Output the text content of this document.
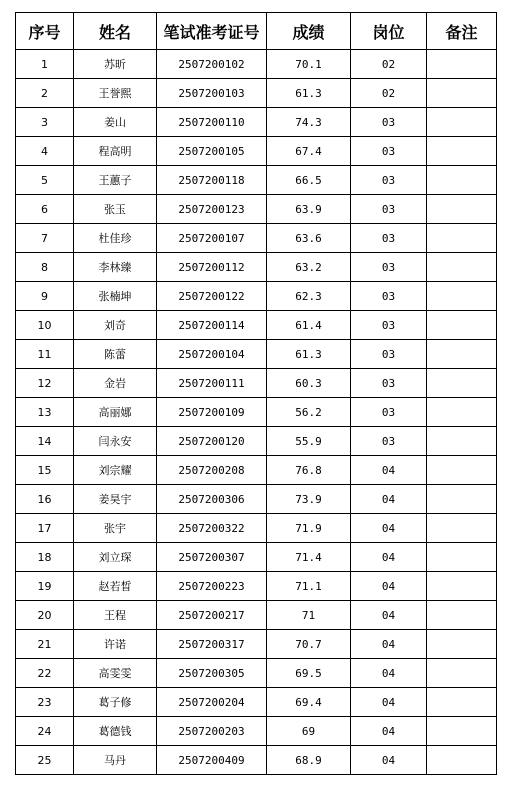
序号	姓名	笔试准考证号	成绩	岗位	备注
1	苏昕	2507200102	70.1	02	
2	王誉熙	2507200103	61.3	02	
3	姜山	2507200110	74.3	03	
4	程高明	2507200105	67.4	03	
5	王蕙子	2507200118	66.5	03	
6	张玉	2507200123	63.9	03	
7	杜佳珍	2507200107	63.6	03	
8	李林臻	2507200112	63.2	03	
9	张楠坤	2507200122	62.3	03	
10	刘奇	2507200114	61.4	03	
11	陈蕾	2507200104	61.3	03	
12	金岩	2507200111	60.3	03	
13	高丽娜	2507200109	56.2	03	
14	闫永安	2507200120	55.9	03	
15	刘宗耀	2507200208	76.8	04	
16	姜昊宇	2507200306	73.9	04	
17	张宇	2507200322	71.9	04	
18	刘立琛	2507200307	71.4	04	
19	赵若晳	2507200223	71.1	04	
20	王程	2507200217	71	04	
21	许诺	2507200317	70.7	04	
22	高雯雯	2507200305	69.5	04	
23	葛子修	2507200204	69.4	04	
24	葛德钱	2507200203	69	04	
25	马丹	2507200409	68.9	04	
